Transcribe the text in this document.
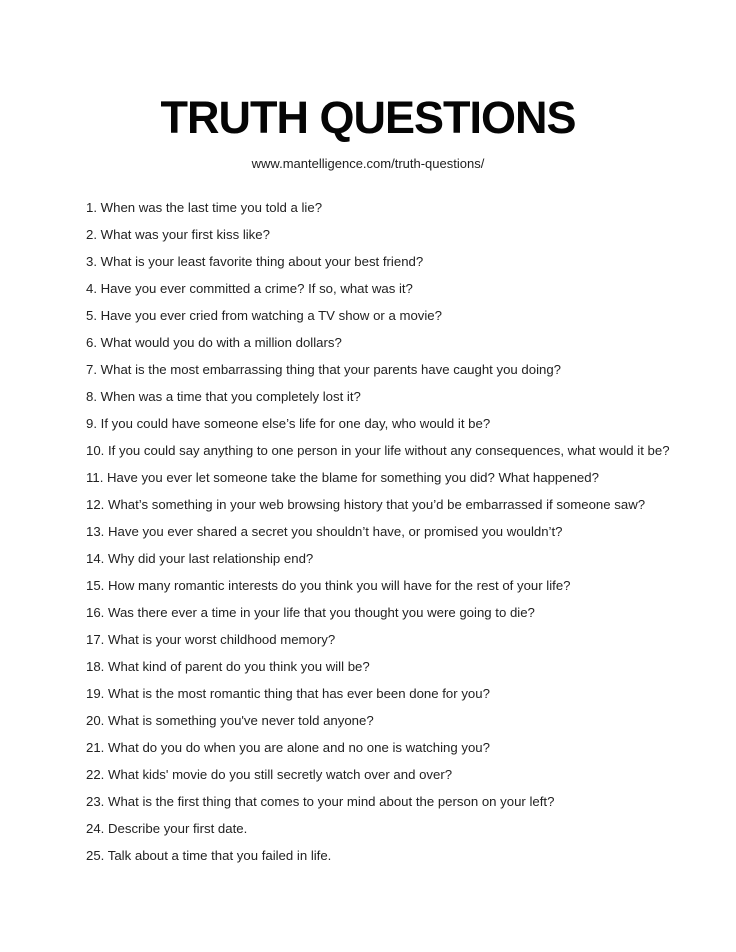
TRUTH QUESTIONS
www.mantelligence.com/truth-questions/

1. When was the last time you told a lie?

2. What was your first kiss like?

3. What is your least favorite thing about your best friend?

4. Have you ever committed a crime? If so, what was it?

5. Have you ever cried from watching a TV show or a movie?

6. What would you do with a million dollars?

7. What is the most embarrassing thing that your parents have caught you doing?

8. When was a time that you completely lost it?

9. If you could have someone else’s life for one day, who would it be?

10. If you could say anything to one person in your life without any consequences, what would it be?

11. Have you ever let someone take the blame for something you did? What happened?

12. What’s something in your web browsing history that you’d be embarrassed if someone saw?

13. Have you ever shared a secret you shouldn’t have, or promised you wouldn’t?

14. Why did your last relationship end?

15. How many romantic interests do you think you will have for the rest of your life?

16. Was there ever a time in your life that you thought you were going to die?

17. What is your worst childhood memory?

18. What kind of parent do you think you will be?

19. What is the most romantic thing that has ever been done for you?

20. What is something you've never told anyone?

21. What do you do when you are alone and no one is watching you?

22. What kids' movie do you still secretly watch over and over?

23. What is the first thing that comes to your mind about the person on your left?

24. Describe your first date.

25. Talk about a time that you failed in life.
